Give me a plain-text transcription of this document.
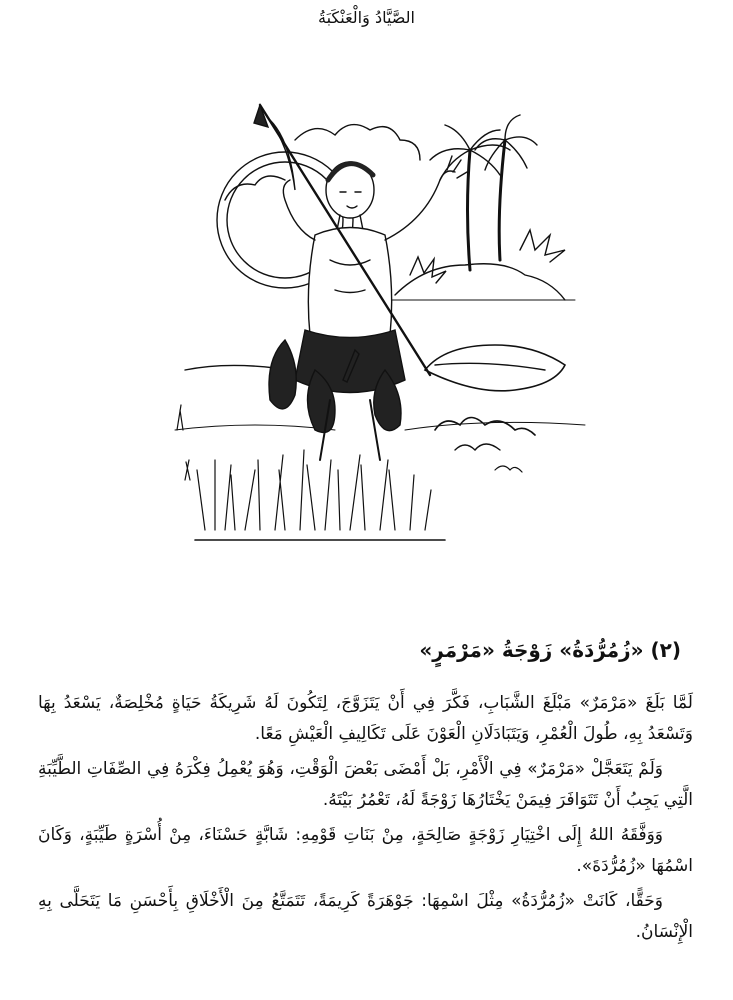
الصَّيَّادُ وَالْعَنْكَبَةُ
(٢) «زُمُرُّدَةُ» زَوْجَةُ «مَرْمَرٍ»

لَمَّا بَلَغَ «مَرْمَرٌ» مَبْلَغَ الشَّبَابِ، فَكَّرَ فِي أَنْ يَتَزَوَّجَ، لِتَكُونَ لَهُ شَرِيكَةُ حَيَاةٍ مُخْلِصَةٌ، يَسْعَدُ بِهَا وَتَسْعَدُ بِهِ، طُولَ الْعُمْرِ، وَيَتَبَادَلَانِ الْعَوْنَ عَلَى تَكَالِيفِ الْعَيْشِ مَعًا.

وَلَمْ يَتَعَجَّلْ «مَرْمَرٌ» فِي الْأَمْرِ، بَلْ أَمْضَى بَعْضَ الْوَقْتِ، وَهُوَ يُعْمِلُ فِكْرَهُ فِي الصِّفَاتِ الطَّيِّبَةِ الَّتِي يَجِبُ أَنْ تَتَوَافَرَ فِيمَنْ يَخْتَارُهَا زَوْجَةً لَهُ، تَعْمُرُ بَيْتَهُ.

وَوَفَّقَهُ اللهُ إِلَى اخْتِيَارِ زَوْجَةٍ صَالِحَةٍ، مِنْ بَنَاتِ قَوْمِهِ: شَابَّةٍ حَسْنَاءَ، مِنْ أُسْرَةٍ طَيِّبَةٍ، وَكَانَ اسْمُهَا «زُمُرُّدَةَ».

وَحَقًّا، كَانَتْ «زُمُرُّدَةُ» مِثْلَ اسْمِهَا: جَوْهَرَةً كَرِيمَةً، تَتَمَتَّعُ مِنَ الْأَخْلَاقِ بِأَحْسَنِ مَا يَتَحَلَّى بِهِ الْإِنْسَانُ.
